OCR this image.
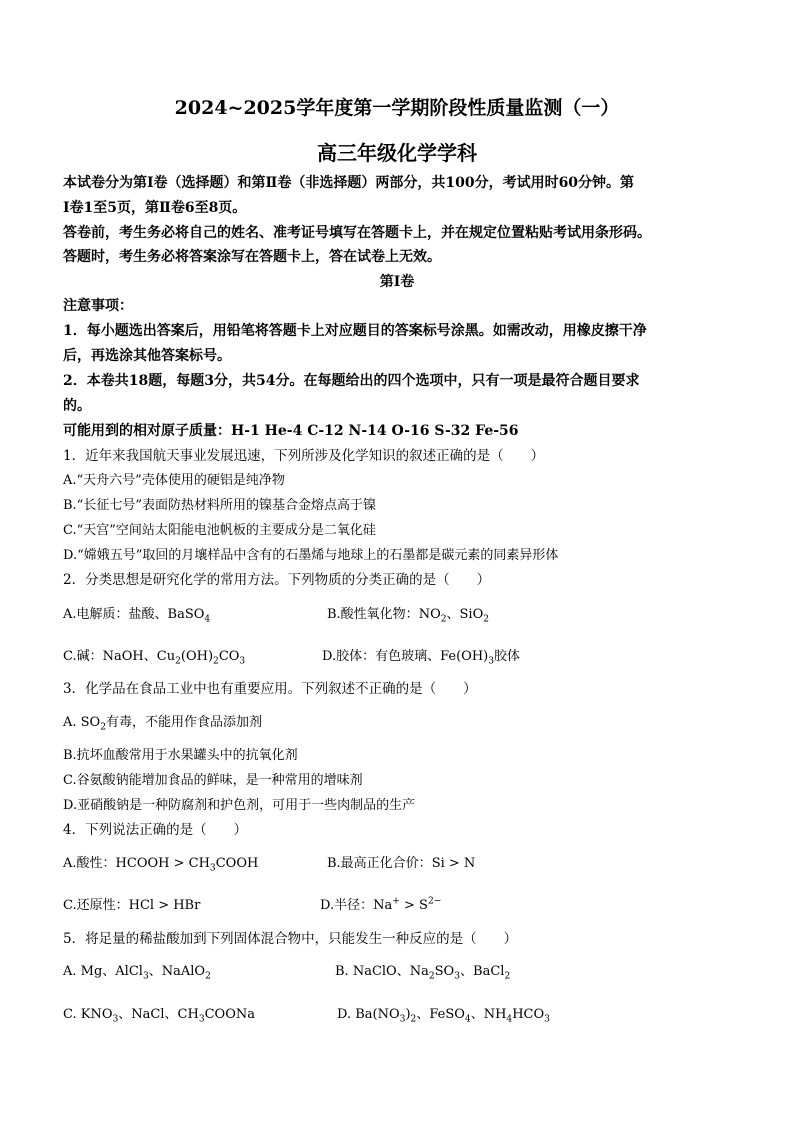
2024~2025学年度第一学期阶段性质量监测（一）
高三年级化学学科
本试卷分为第Ⅰ卷（选择题）和第Ⅱ卷（非选择题）两部分，共100分，考试用时60分钟。第
Ⅰ卷1至5页，第Ⅱ卷6至8页。
答卷前，考生务必将自己的姓名、准考证号填写在答题卡上，并在规定位置粘贴考试用条形码。
答题时，考生务必将答案涂写在答题卡上，答在试卷上无效。
第Ⅰ卷
注意事项：
1．每小题选出答案后，用铅笔将答题卡上对应题目的答案标号涂黑。如需改动，用橡皮擦干净
后，再选涂其他答案标号。
2．本卷共18题，每题3分，共54分。在每题给出的四个选项中，只有一项是最符合题目要求
的。
可能用到的相对原子质量：H-1 He-4 C-12 N-14 O-16 S-32 Fe-56
1．近年来我国航天事业发展迅速，下列所涉及化学知识的叙述正确的是（　　）
A.“天舟六号”壳体使用的硬铝是纯净物
B.“长征七号”表面防热材料所用的镍基合金熔点高于镍
C.“天宫”空间站太阳能电池帆板的主要成分是二氧化硅
D.“嫦娥五号”取回的月壤样品中含有的石墨烯与地球上的石墨都是碳元素的同素异形体
2．分类思想是研究化学的常用方法。下列物质的分类正确的是（　　）
A.电解质：盐酸、BaSO$_4$	B.酸性氧化物：$NO_2$、SiO$_2$
C.碱：NaOH、$Cu_2(OH)_2CO_3$	D.胶体：有色玻璃、$Fe(OH)_3$胶体
3．化学品在食品工业中也有重要应用。下列叙述不正确的是（　　）
A. $SO_2$有毒，不能用作食品添加剂
B.抗坏血酸常用于水果罐头中的抗氧化剂
C.谷氨酸钠能增加食品的鲜味，是一种常用的增味剂
D.亚硝酸钠是一种防腐剂和护色剂，可用于一些肉制品的生产
4．下列说法正确的是（　　）
A.酸性：HCOOH > $CH_3COOH$	B.最高正化合价：Si > N
C.还原性：HCl > HBr	D.半径：$Na^+ > S^{2-}$
5．将足量的稀盐酸加到下列固体混合物中，只能发生一种反应的是（　　）
A. Mg、AlCl$_3$、NaAlO$_2$	B. NaClO、$Na_2SO_3$、BaCl$_2$
C. $KNO_3$、NaCl、$CH_3COONa$	D. $Ba(NO_3)_2$、FeSO$_4$、$NH_4HCO_3$
